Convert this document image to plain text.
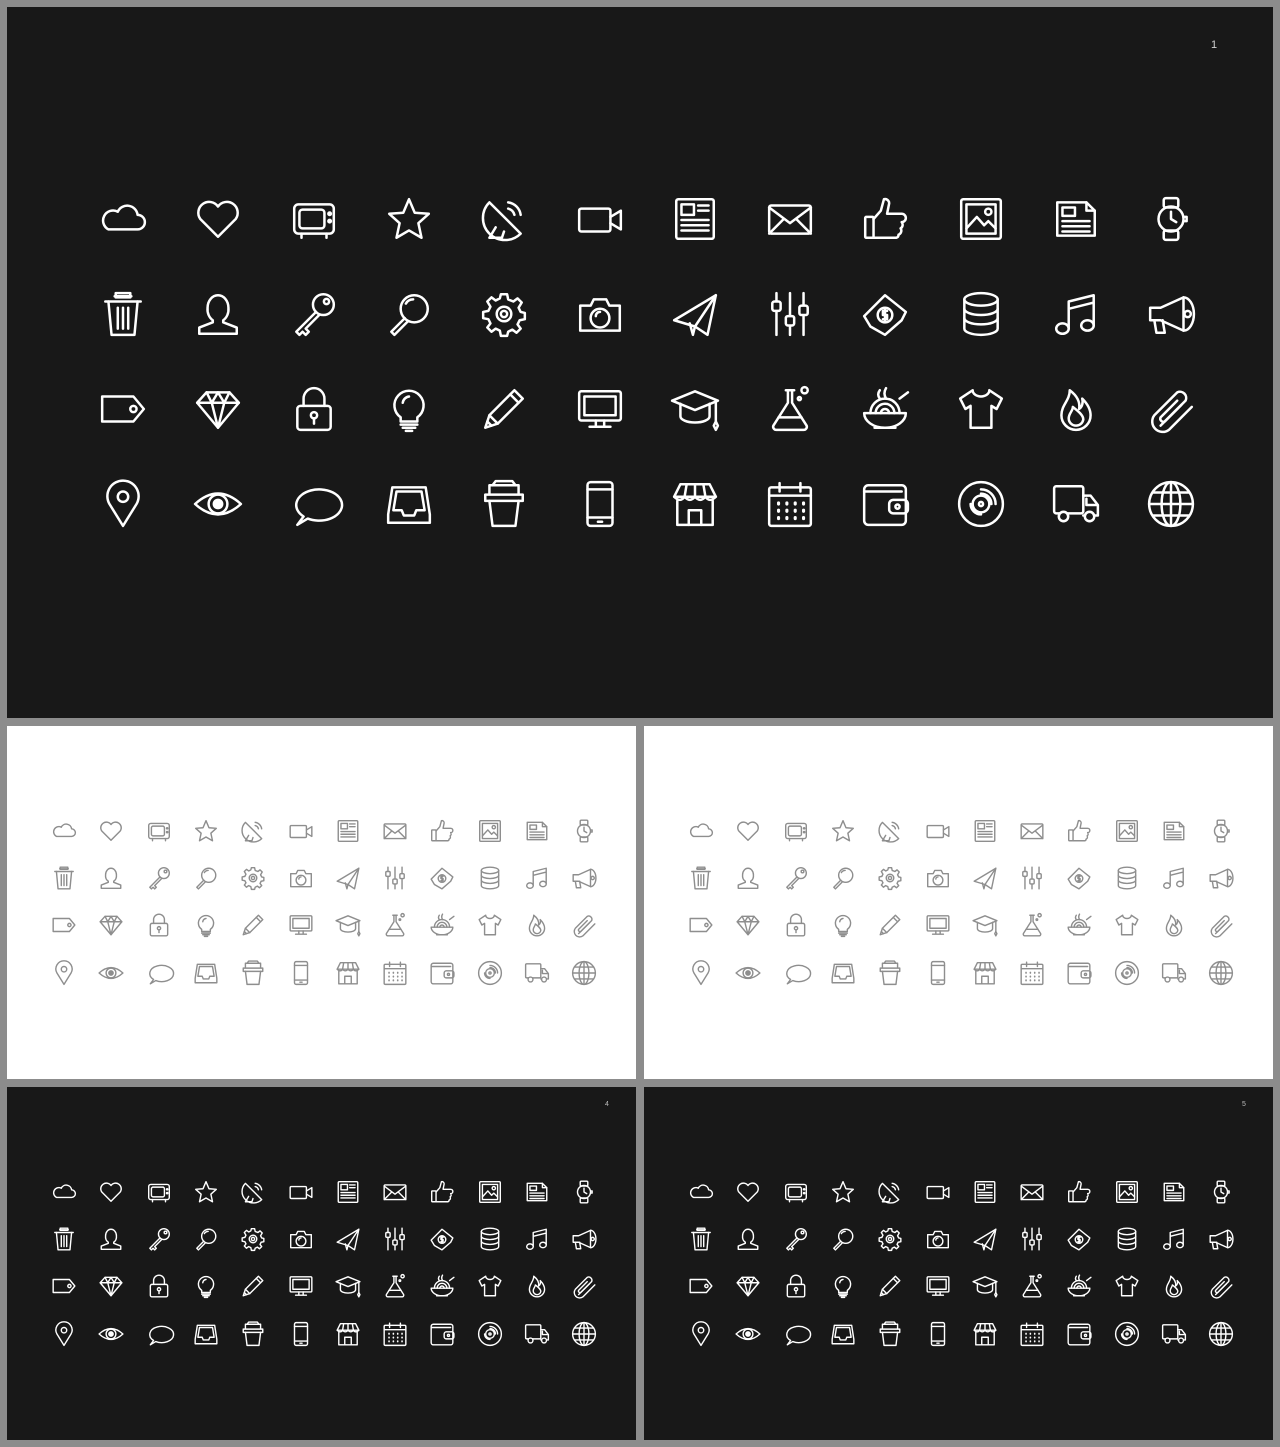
1
4	5
